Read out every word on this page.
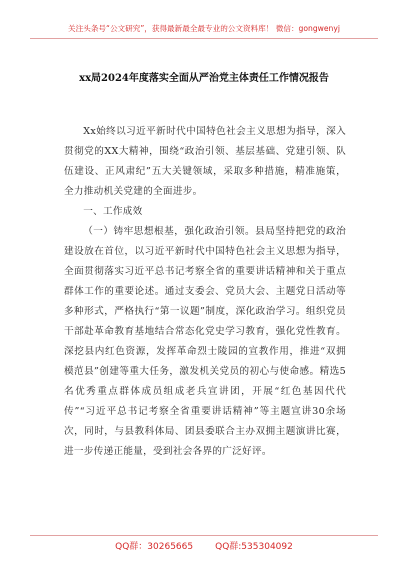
关注头条号“公文研究”，获得最新最全最专业的公文资料库！ 微信：gongwenyj
xx局2024年度落实全面从严治党主体责任工作情况报告

Xx始终以习近平新时代中国特色社会主义思想为指导，深入贯彻党的XX大精神，围绕“政治引领、基层基础、党建引领、队伍建设、正风肃纪”五大关键领域，采取多种措施，精准施策，全力推动机关党建的全面进步。

一、工作成效

（一）铸牢思想根基，强化政治引领。县局坚持把党的政治建设放在首位，以习近平新时代中国特色社会主义思想为指导，全面贯彻落实习近平总书记考察全省的重要讲话精神和关于重点群体工作的重要论述。通过支委会、党员大会、主题党日活动等多种形式，严格执行“第一议题”制度，深化政治学习。组织党员干部赴革命教育基地结合常态化党史学习教育，强化党性教育。深挖县内红色资源，发挥革命烈士陵园的宣教作用，推进“双拥模范县”创建等重大任务，激发机关党员的初心与使命感。精选5名优秀重点群体成员组成老兵宣讲团，开展“红色基因代代传”“习近平总书记考察全省重要讲话精神”等主题宣讲30余场次，同时，与县教科体局、团县委联合主办双拥主题演讲比赛，进一步传递正能量，受到社会各界的广泛好评。

QQ群：30265665 QQ群:535304092
